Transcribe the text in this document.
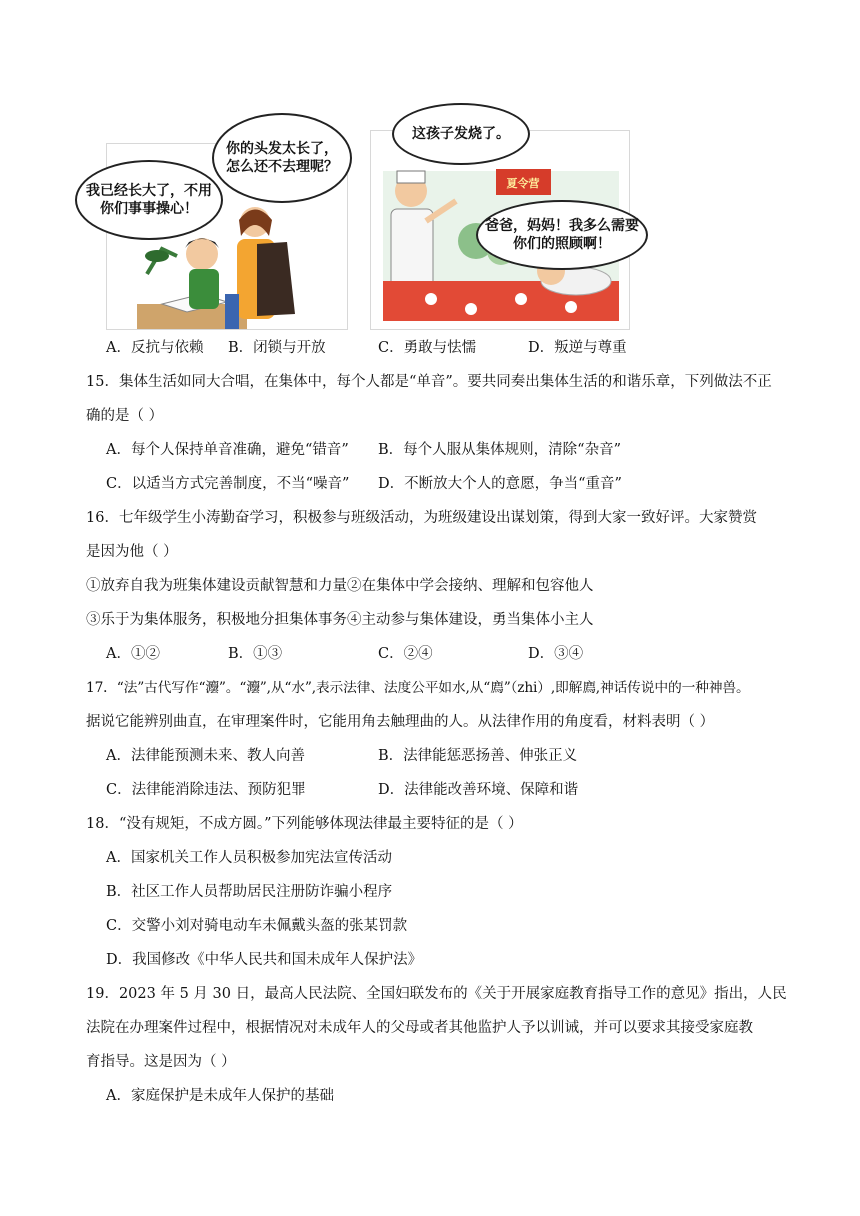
我已经长大了，不用你们事事操心！
你的头发太长了，怎么还不去理呢？
这孩子发烧了。
夏令营
爸爸，妈妈！我多么需要你们的照顾啊！
A．反抗与依赖 B．闭锁与开放	C．勇敢与怯懦	D．叛逆与尊重
15．集体生活如同大合唱，在集体中，每个人都是“单音”。要共同奏出集体生活的和谐乐章，下列做法不正
确的是（ ）
A．每个人保持单音准确，避免“错音” B．每个人服从集体规则，清除“杂音”
C．以适当方式完善制度，不当“噪音” D．不断放大个人的意愿，争当“重音”
16．七年级学生小涛勤奋学习，积极参与班级活动，为班级建设出谋划策，得到大家一致好评。大家赞赏
是因为他（ ）
①放弃自我为班集体建设贡献智慧和力量②在集体中学会接纳、理解和包容他人
③乐于为集体服务，积极地分担集体事务④主动参与集体建设，勇当集体小主人
A．①②	B．①③	C．②④	D．③④
17．“法”古代写作“灋”。“灋”,从“水”,表示法律、法度公平如水,从“廌”（zhi）,即解廌,神话传说中的一种神兽。
据说它能辨别曲直，在审理案件时，它能用角去触理曲的人。从法律作用的角度看，材料表明（ ）
A．法律能预测未来、教人向善	B．法律能惩恶扬善、伸张正义
C．法律能消除违法、预防犯罪	D．法律能改善环境、保障和谐
18．“没有规矩，不成方圆。”下列能够体现法律最主要特征的是（ ）
A．国家机关工作人员积极参加宪法宣传活动
B．社区工作人员帮助居民注册防诈骗小程序
C．交警小刘对骑电动车未佩戴头盔的张某罚款
D．我国修改《中华人民共和国未成年人保护法》
19．2023 年 5 月 30 日，最高人民法院、全国妇联发布的《关于开展家庭教育指导工作的意见》指出，人民
法院在办理案件过程中，根据情况对未成年人的父母或者其他监护人予以训诫，并可以要求其接受家庭教
育指导。这是因为（ ）
A．家庭保护是未成年人保护的基础
